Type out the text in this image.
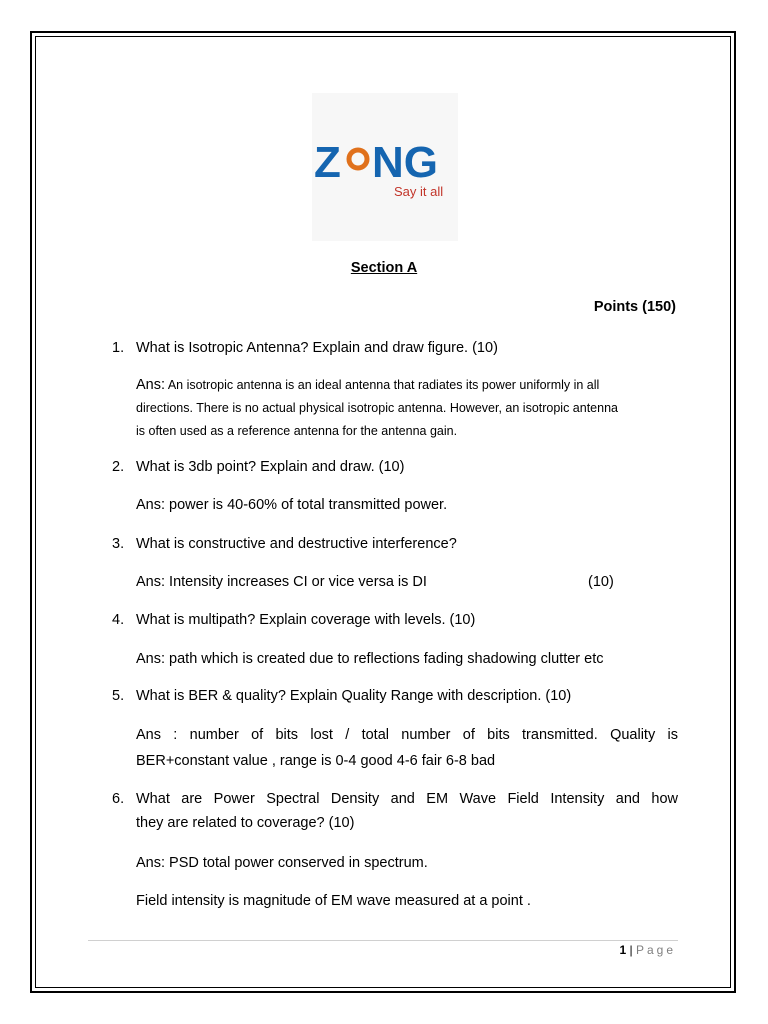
Z NG
Say it all
Section A
Points (150)
1. What is Isotropic Antenna? Explain and draw figure. (10)
Ans: An isotropic antenna is an ideal antenna that radiates its power uniformly in all
directions. There is no actual physical isotropic antenna. However, an isotropic antenna
is often used as a reference antenna for the antenna gain.
2. What is 3db point? Explain and draw. (10)
Ans: power is 40-60% of total transmitted power.
3. What is constructive and destructive interference?
Ans: Intensity increases CI or vice versa is DI	(10)
4. What is multipath? Explain coverage with levels. (10)
Ans: path which is created due to reflections fading shadowing clutter etc
5. What is BER & quality? Explain Quality Range with description. (10)
Ans : number of bits lost / total number of bits transmitted. Quality is
BER+constant value , range is 0-4 good 4-6 fair 6-8 bad
6. What are Power Spectral Density and EM Wave Field Intensity and how
they are related to coverage? (10)
Ans: PSD total power conserved in spectrum.
Field intensity is magnitude of EM wave measured at a point .
1 | Page
